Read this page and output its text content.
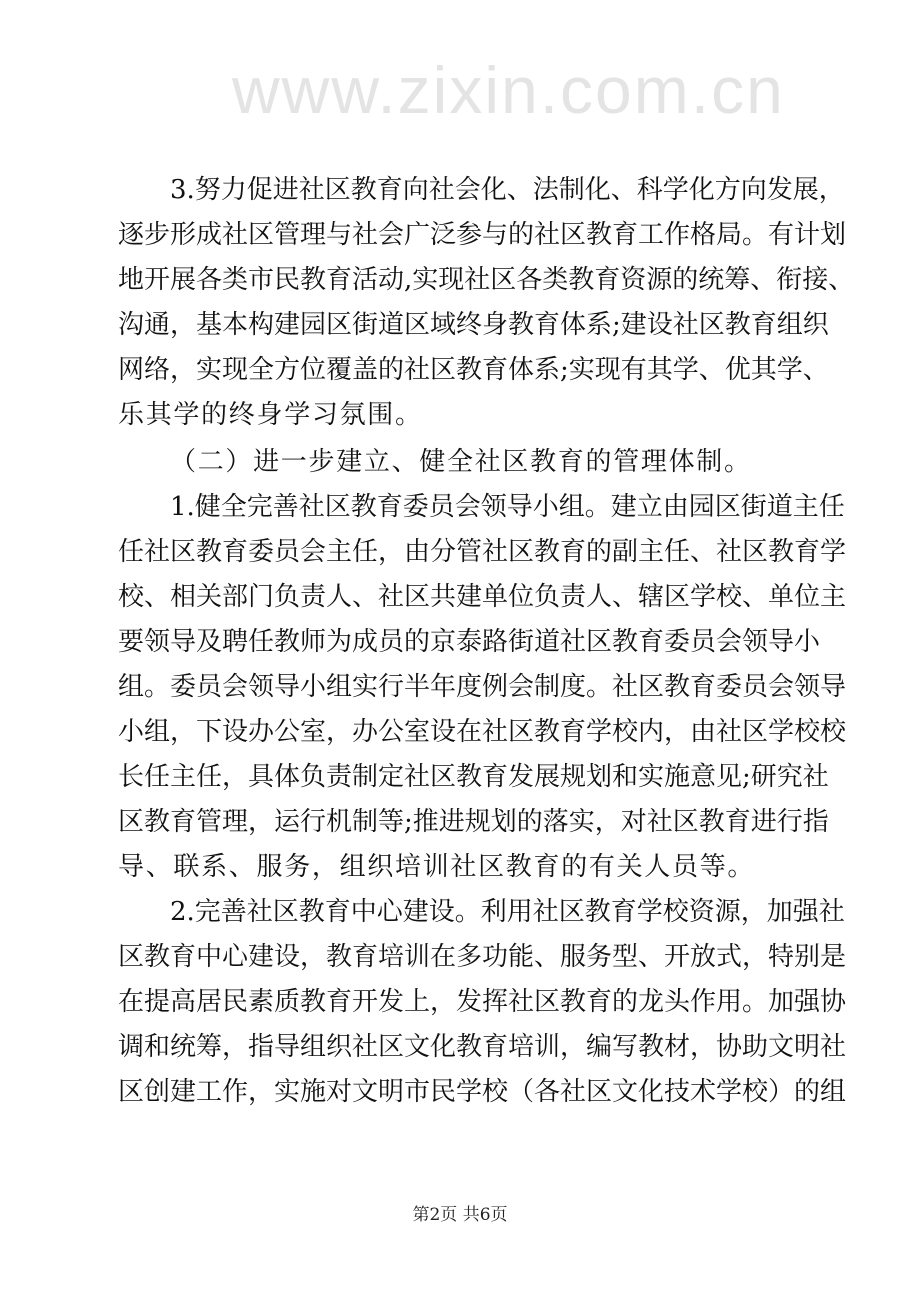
www.zixin.com.cn
3.努力促进社区教育向社会化、法制化、科学化方向发展，
逐步形成社区管理与社会广泛参与的社区教育工作格局。有计划
地开展各类市民教育活动,实现社区各类教育资源的统筹、衔接、
沟通，基本构建园区街道区域终身教育体系;建设社区教育组织
网络，实现全方位覆盖的社区教育体系;实现有其学、优其学、
乐其学的终身学习氛围。
（二）进一步建立、健全社区教育的管理体制。
1.健全完善社区教育委员会领导小组。建立由园区街道主任
任社区教育委员会主任，由分管社区教育的副主任、社区教育学
校、相关部门负责人、社区共建单位负责人、辖区学校、单位主
要领导及聘任教师为成员的京泰路街道社区教育委员会领导小
组。委员会领导小组实行半年度例会制度。社区教育委员会领导
小组，下设办公室，办公室设在社区教育学校内，由社区学校校
长任主任，具体负责制定社区教育发展规划和实施意见;研究社
区教育管理，运行机制等;推进规划的落实，对社区教育进行指
导、联系、服务，组织培训社区教育的有关人员等。
2.完善社区教育中心建设。利用社区教育学校资源，加强社
区教育中心建设，教育培训在多功能、服务型、开放式，特别是
在提高居民素质教育开发上，发挥社区教育的龙头作用。加强协
调和统筹，指导组织社区文化教育培训，编写教材，协助文明社
区创建工作，实施对文明市民学校（各社区文化技术学校）的组
第2页 共6页
